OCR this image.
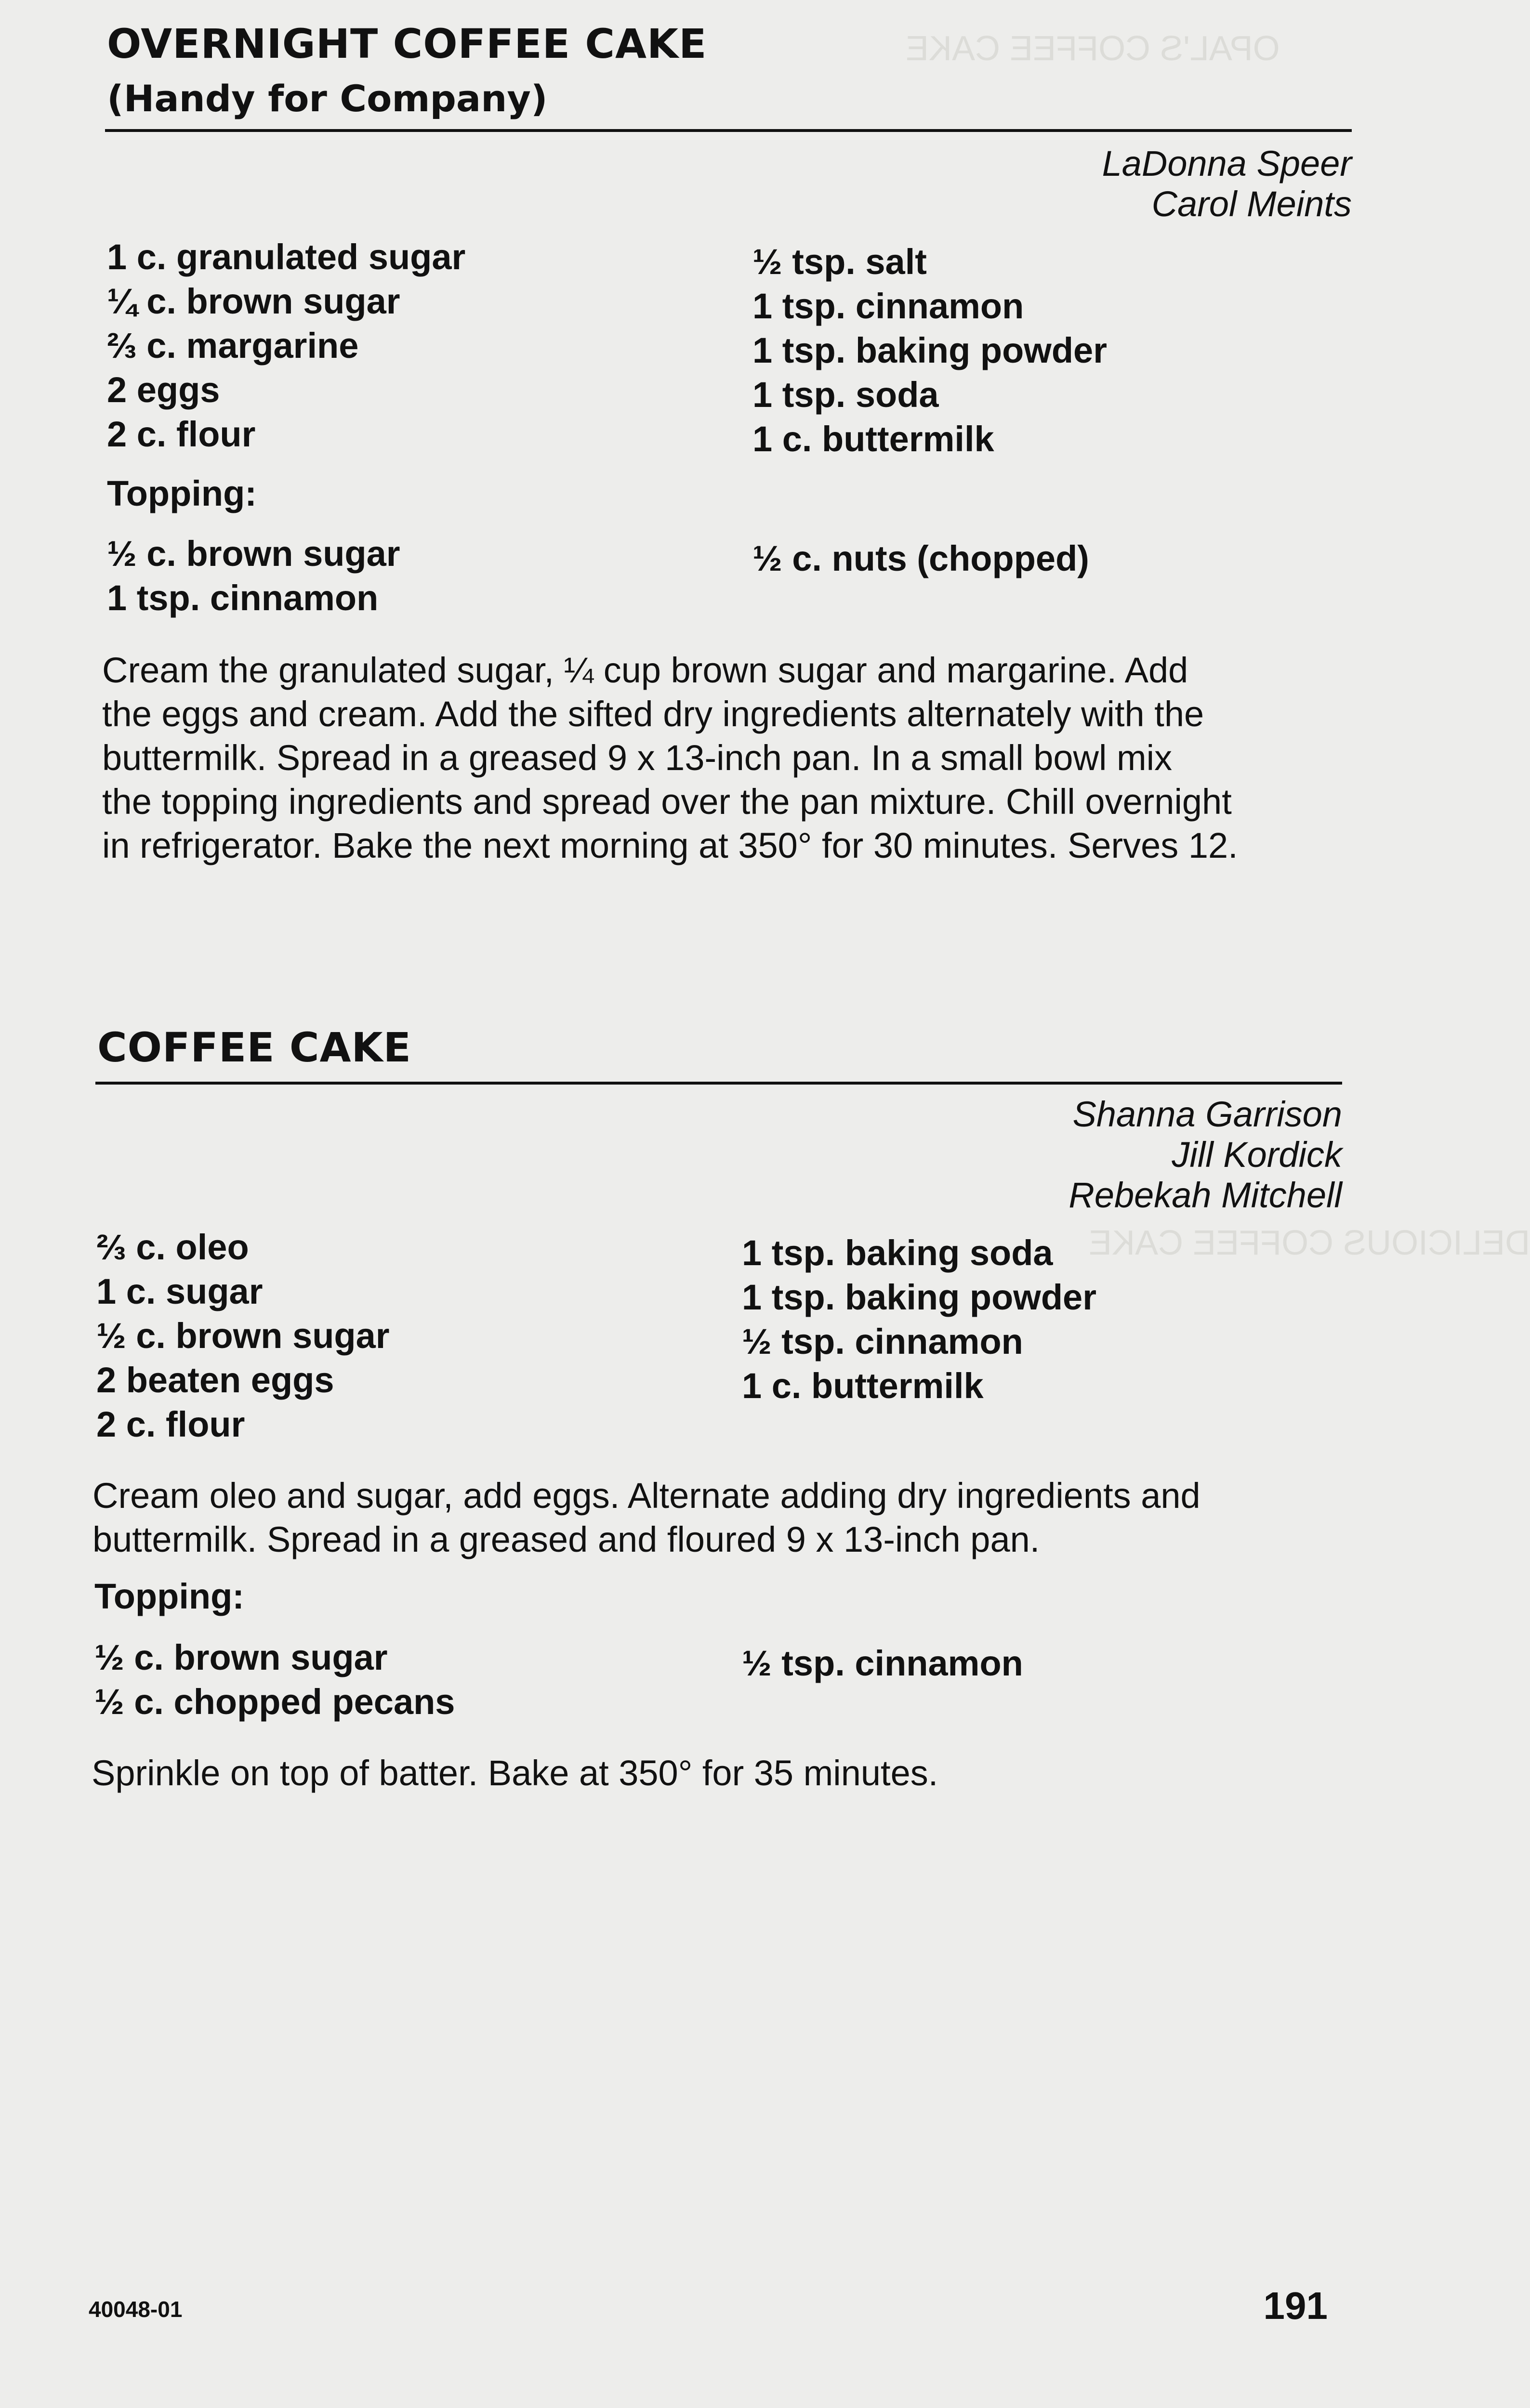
OPAL'S COFFEE CAKE
DELICIOUS COFFEE CAKE
OVERNIGHT COFFEE CAKE
(Handy for Company)
LaDonna Speer
Carol Meints
1 c. granulated sugar
¼ c. brown sugar
⅔ c. margarine
2 eggs
2 c. flour
½ tsp. salt
1 tsp. cinnamon
1 tsp. baking powder
1 tsp. soda
1 c. buttermilk
Topping:
½ c. brown sugar
1 tsp. cinnamon
½ c. nuts (chopped)
Cream the granulated sugar, ¼ cup brown sugar and margarine. Add
the eggs and cream. Add the sifted dry ingredients alternately with the
buttermilk. Spread in a greased 9 x 13-inch pan. In a small bowl mix
the topping ingredients and spread over the pan mixture. Chill overnight
in refrigerator. Bake the next morning at 350° for 30 minutes. Serves 12.
COFFEE CAKE
Shanna Garrison
Jill Kordick
Rebekah Mitchell
⅔ c. oleo
1 c. sugar
½ c. brown sugar
2 beaten eggs
2 c. flour
1 tsp. baking soda
1 tsp. baking powder
½ tsp. cinnamon
1 c. buttermilk
Cream oleo and sugar, add eggs. Alternate adding dry ingredients and
buttermilk. Spread in a greased and floured 9 x 13-inch pan.
Topping:
½ c. brown sugar
½ c. chopped pecans
½ tsp. cinnamon
Sprinkle on top of batter. Bake at 350° for 35 minutes.
40048-01	191
